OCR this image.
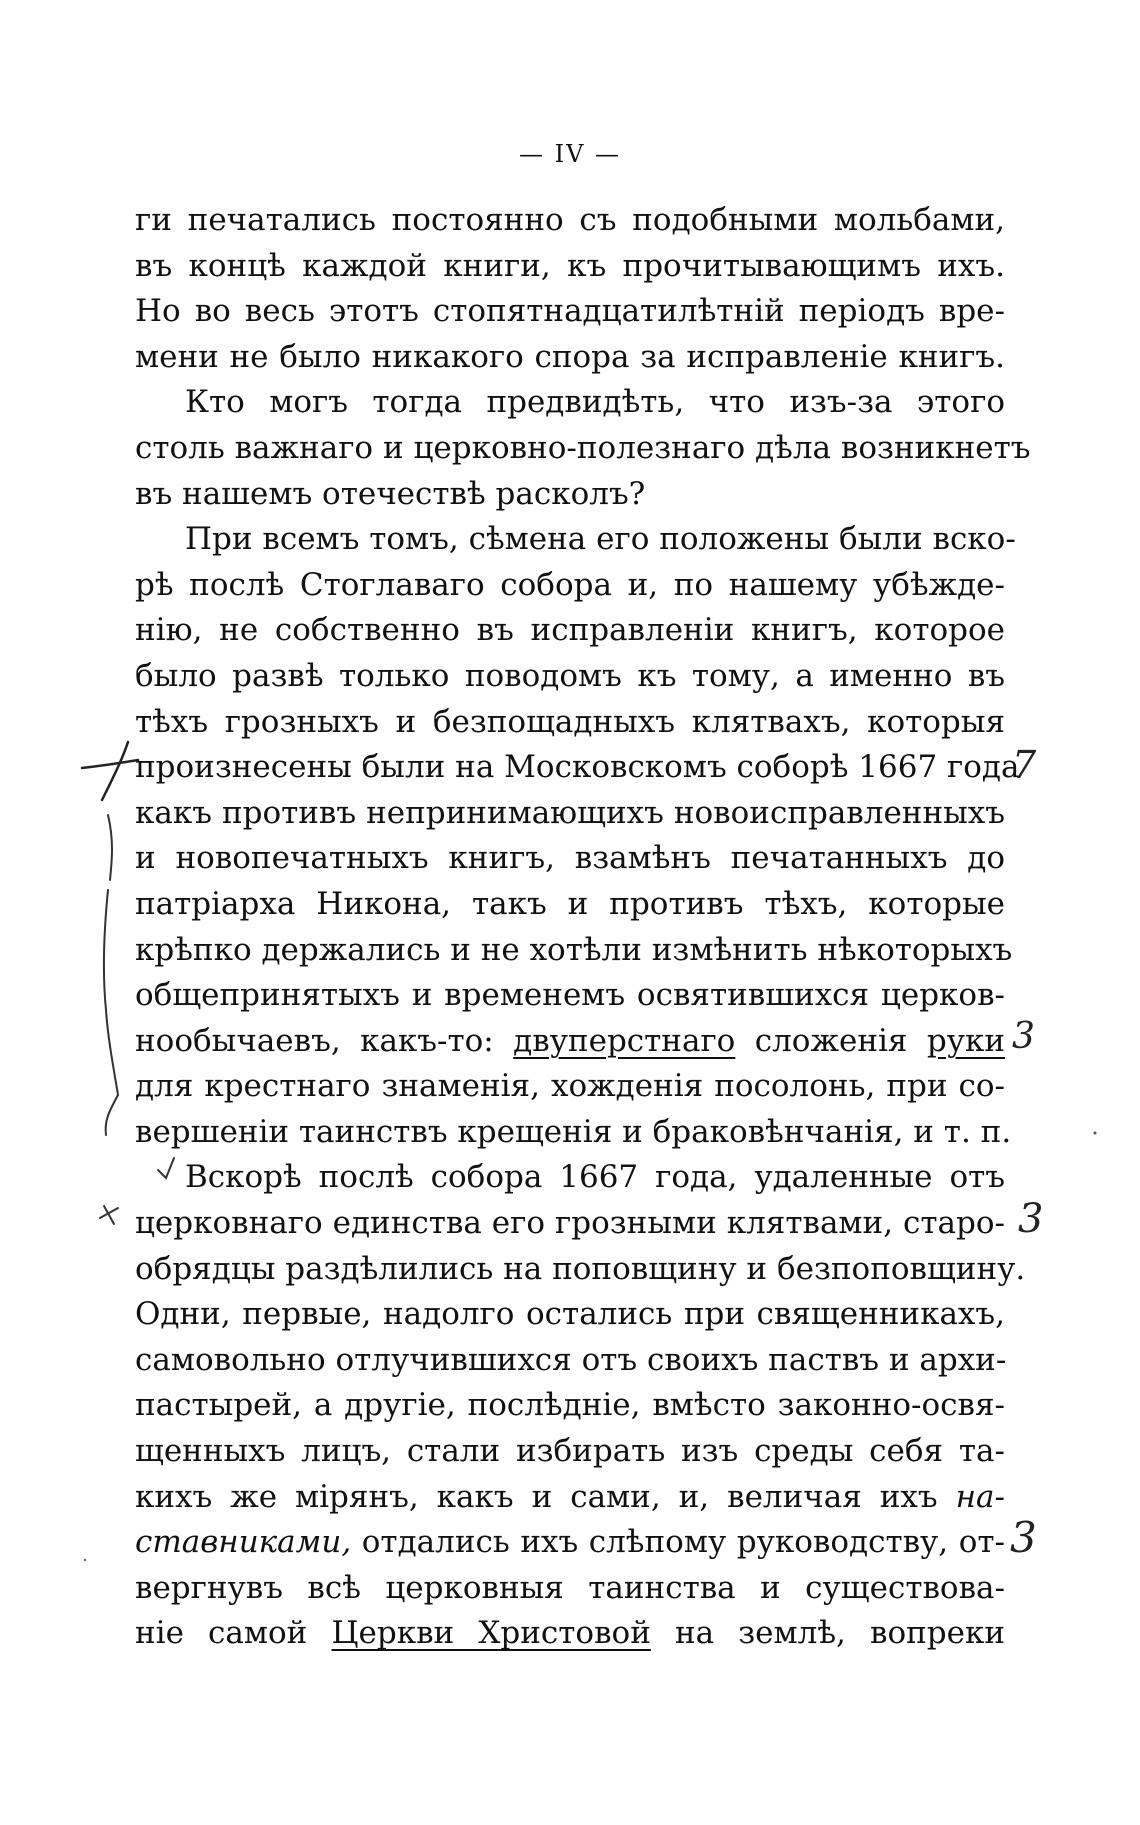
— IV —
ги печатались постоянно съ подобными мольбами,
въ концѣ каждой книги, къ прочитывающимъ ихъ.
Но во весь этотъ стопятнадцатилѣтній періодъ вре-
мени не было никакого спора за исправленіе книгъ.
Кто могъ тогда предвидѣть, что изъ-за этого
столь важнаго и церковно-полезнаго дѣла возникнетъ
въ нашемъ отечествѣ расколъ?
При всемъ томъ, сѣмена его положены были вско-
рѣ послѣ Стоглаваго собора и, по нашему убѣжде-
нію, не собственно въ исправленіи книгъ, которое
было развѣ только поводомъ къ тому, а именно въ
тѣхъ грозныхъ и безпощадныхъ клятвахъ, которыя
произнесены были на Московскомъ соборѣ 1667 года
какъ противъ непринимающихъ новоисправленныхъ
и новопечатныхъ книгъ, взамѣнъ печатанныхъ до
патріарха Никона, такъ и противъ тѣхъ, которые
крѣпко держались и не хотѣли измѣнить нѣкоторыхъ
общепринятыхъ и временемъ освятившихся церков-
нообычаевъ, какъ-то: двуперстнаго сложенія руки
для крестнаго знаменія, хожденія посолонь, при со-
вершеніи таинствъ крещенія и браковѣнчанія, и т. п.
Вскорѣ послѣ собора 1667 года, удаленные отъ
церковнаго единства его грозными клятвами, старо-
обрядцы раздѣлились на поповщину и безпоповщину.
Одни, первые, надолго остались при священникахъ,
самовольно отлучившихся отъ своихъ паствъ и архи-
пастырей, а другіе, послѣдніе, вмѣсто законно-освя-
щенныхъ лицъ, стали избирать изъ среды себя та-
кихъ же мірянъ, какъ и сами, и, величая ихъ на-
ставниками, отдались ихъ слѣпому руководству, от-
вергнувъ всѣ церковныя таинства и существова-
ніе самой Церкви Христовой на землѣ, вопреки
7
3
3
3
